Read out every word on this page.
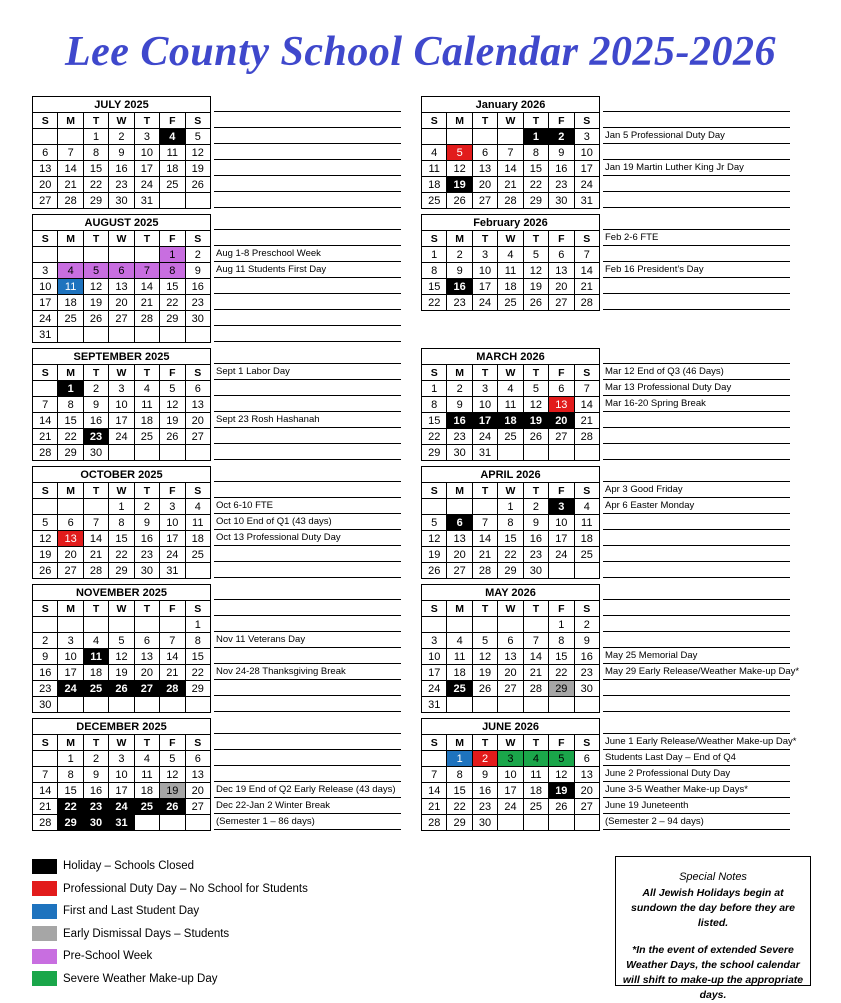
Lee County School Calendar 2025-2026
JULY 2025						
S	M	T	W	T	F	S
		1	2	3	4	5
6	7	8	9	10	11	12
13	14	15	16	17	18	19
20	21	22	23	24	25	26
27	28	29	30	31		
AUGUST 2025						
S	M	T	W	T	F	S
					1	2
3	4	5	6	7	8	9
10	11	12	13	14	15	16
17	18	19	20	21	22	23
24	25	26	27	28	29	30
31						
Aug 1-8 Preschool Week
Aug 11 Students First Day
SEPTEMBER 2025						
S	M	T	W	T	F	S
	1	2	3	4	5	6
7	8	9	10	11	12	13
14	15	16	17	18	19	20
21	22	23	24	25	26	27
28	29	30				
Sept 1 Labor Day
Sept 23 Rosh Hashanah
OCTOBER 2025						
S	M	T	W	T	F	S
			1	2	3	4
5	6	7	8	9	10	11
12	13	14	15	16	17	18
19	20	21	22	23	24	25
26	27	28	29	30	31	
Oct 6-10 FTE
Oct 10 End of Q1 (43 days)
Oct 13 Professional Duty Day
NOVEMBER 2025						
S	M	T	W	T	F	S
						1
2	3	4	5	6	7	8
9	10	11	12	13	14	15
16	17	18	19	20	21	22
23	24	25	26	27	28	29
30						
Nov 11 Veterans Day
Nov 24-28 Thanksgiving Break
DECEMBER 2025						
S	M	T	W	T	F	S
	1	2	3	4	5	6
7	8	9	10	11	12	13
14	15	16	17	18	19	20
21	22	23	24	25	26	27
28	29	30	31			
Dec 19 End of Q2 Early Release (43 days)
Dec 22-Jan 2 Winter Break
(Semester 1 – 86 days)
January 2026						
S	M	T	W	T	F	S
				1	2	3
4	5	6	7	8	9	10
11	12	13	14	15	16	17
18	19	20	21	22	23	24
25	26	27	28	29	30	31
Jan 5 Professional Duty Day
Jan 19 Martin Luther King Jr Day
February 2026						
S	M	T	W	T	F	S
1	2	3	4	5	6	7
8	9	10	11	12	13	14
15	16	17	18	19	20	21
22	23	24	25	26	27	28
Feb 2-6 FTE
Feb 16 President’s Day
MARCH 2026						
S	M	T	W	T	F	S
1	2	3	4	5	6	7
8	9	10	11	12	13	14
15	16	17	18	19	20	21
22	23	24	25	26	27	28
29	30	31				
Mar 12 End of Q3 (46 Days)
Mar 13 Professional Duty Day
Mar 16-20 Spring Break
APRIL 2026						
S	M	T	W	T	F	S
			1	2	3	4
5	6	7	8	9	10	11
12	13	14	15	16	17	18
19	20	21	22	23	24	25
26	27	28	29	30		
Apr 3 Good Friday
Apr 6 Easter Monday
MAY 2026						
S	M	T	W	T	F	S
					1	2
3	4	5	6	7	8	9
10	11	12	13	14	15	16
17	18	19	20	21	22	23
24	25	26	27	28	29	30
31						
May 25 Memorial Day
May 29 Early Release/Weather Make-up Day*
JUNE 2026						
S	M	T	W	T	F	S
	1	2	3	4	5	6
7	8	9	10	11	12	13
14	15	16	17	18	19	20
21	22	23	24	25	26	27
28	29	30				
June 1 Early Release/Weather Make-up Day*
Students Last Day – End of Q4
June 2 Professional Duty Day
June 3-5 Weather Make-up Days*
June 19 Juneteenth
(Semester 2 – 94 days)
Holiday – Schools Closed
Professional Duty Day – No School for Students
First and Last Student Day
Early Dismissal Days – Students
Pre-School Week
Severe Weather Make-up Day
Special Notes
All Jewish Holidays begin at sundown the day before they are listed.
*In the event of extended Severe Weather Days, the school calendar will shift to make-up the appropriate days.
